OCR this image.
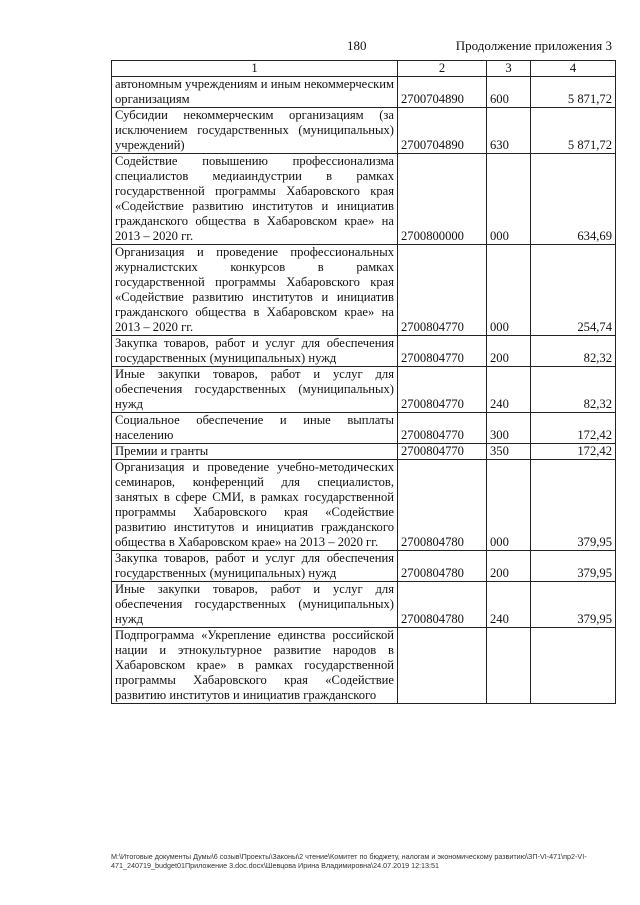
180	Продолжение приложения 3
1	2	3	4
автономным учреждениям и иным некоммерческим организациям	2700704890	600	5 871,72
Субсидии некоммерческим организациям (за исключением государственных (муниципальных) учреждений)	2700704890	630	5 871,72
Содействие повышению профессионализма специалистов медиаиндустрии в рамках государственной программы Хабаровского края «Содействие развитию институтов и инициатив гражданского общества в Хабаровском крае» на 2013 – 2020 гг.	2700800000	000	634,69
Организация и проведение профессиональных журналистских конкурсов в рамках государственной программы Хабаровского края «Содействие развитию институтов и инициатив гражданского общества в Хабаровском крае» на 2013 – 2020 гг.	2700804770	000	254,74
Закупка товаров, работ и услуг для обеспечения государственных (муниципальных) нужд	2700804770	200	82,32
Иные закупки товаров, работ и услуг для обеспечения государственных (муниципальных) нужд	2700804770	240	82,32
Социальное обеспечение и иные выплаты населению	2700804770	300	172,42
Премии и гранты	2700804770	350	172,42
Организация и проведение учебно-методических семинаров, конференций для специалистов, занятых в сфере СМИ, в рамках государственной программы Хабаровского края «Содействие развитию институтов и инициатив гражданского общества в Хабаровском крае» на 2013 – 2020 гг.	2700804780	000	379,95
Закупка товаров, работ и услуг для обеспечения государственных (муниципальных) нужд	2700804780	200	379,95
Иные закупки товаров, работ и услуг для обеспечения государственных (муниципальных) нужд	2700804780	240	379,95
Подпрограмма «Укрепление единства российской нации и этнокультурное развитие народов в Хабаровском крае» в рамках государственной программы Хабаровского края «Содействие развитию институтов и инициатив гражданского			
M:\Итоговые документы Думы\6 созыв\Проекты\Законы\2 чтение\Комитет по бюджету, налогам и экономическому развитию\ЗП-VI-471\пр2-VI-471_240719_budget01Приложение 3.doc.docx\Шевцова Ирина Владимировна\24.07.2019 12:13:51
